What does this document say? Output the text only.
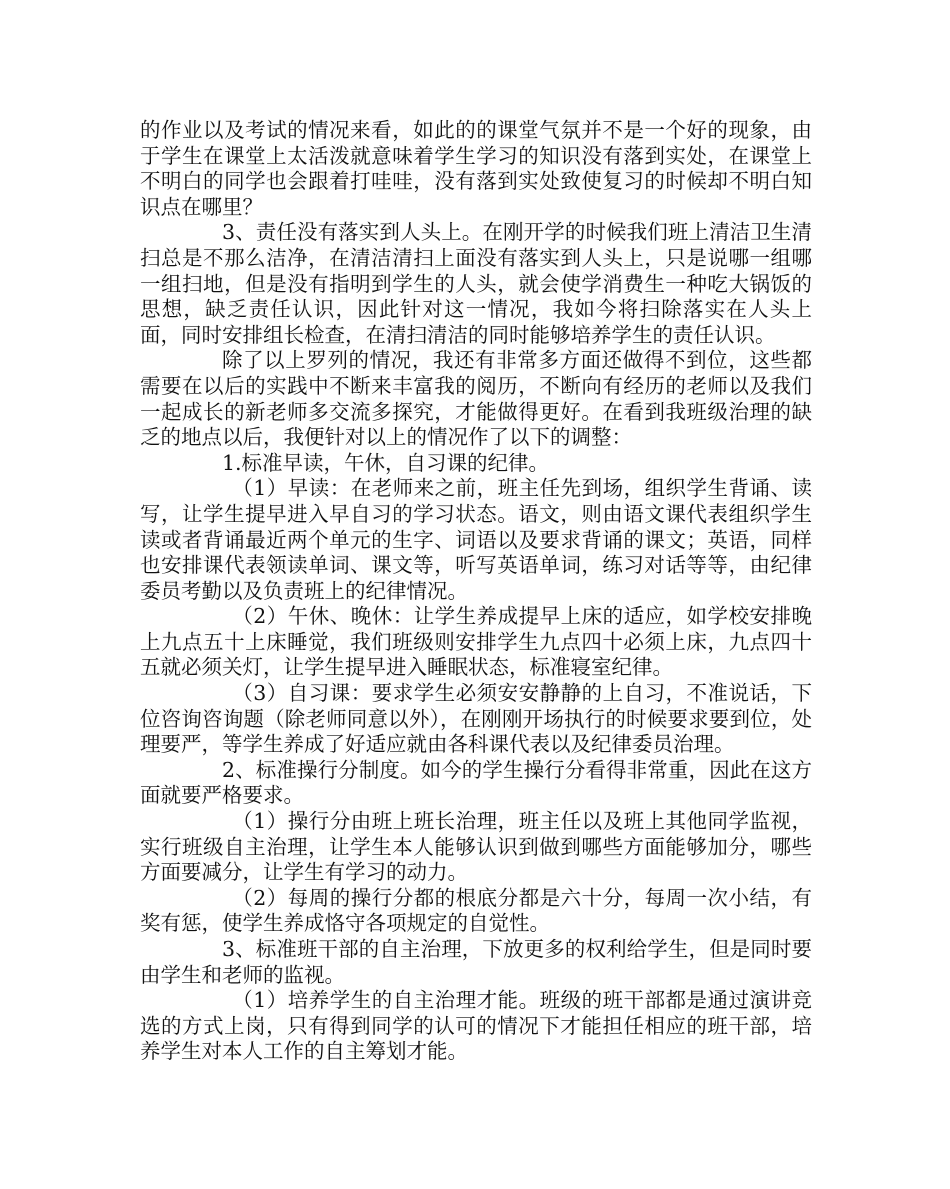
的作业以及考试的情况来看，如此的的课堂气氛并不是一个好的现象，由于学生在课堂上太活泼就意味着学生学习的知识没有落到实处，在课堂上不明白的同学也会跟着打哇哇，没有落到实处致使复习的时候却不明白知识点在哪里？

3、责任没有落实到人头上。在刚开学的时候我们班上清洁卫生清扫总是不那么洁净，在清洁清扫上面没有落实到人头上，只是说哪一组哪一组扫地，但是没有指明到学生的人头，就会使学消费生一种吃大锅饭的思想，缺乏责任认识，因此针对这一情况，我如今将扫除落实在人头上面，同时安排组长检查，在清扫清洁的同时能够培养学生的责任认识。

除了以上罗列的情况，我还有非常多方面还做得不到位，这些都需要在以后的实践中不断来丰富我的阅历，不断向有经历的老师以及我们一起成长的新老师多交流多探究，才能做得更好。在看到我班级治理的缺乏的地点以后，我便针对以上的情况作了以下的调整：

1.标准早读，午休，自习课的纪律。

（1）早读：在老师来之前，班主任先到场，组织学生背诵、读写，让学生提早进入早自习的学习状态。语文，则由语文课代表组织学生读或者背诵最近两个单元的生字、词语以及要求背诵的课文；英语，同样也安排课代表领读单词、课文等，听写英语单词，练习对话等等，由纪律委员考勤以及负责班上的纪律情况。

（2）午休、晚休：让学生养成提早上床的适应，如学校安排晚上九点五十上床睡觉，我们班级则安排学生九点四十必须上床，九点四十五就必须关灯，让学生提早进入睡眠状态，标准寝室纪律。

（3）自习课：要求学生必须安安静静的上自习，不准说话，下位咨询咨询题（除老师同意以外），在刚刚开场执行的时候要求要到位，处理要严，等学生养成了好适应就由各科课代表以及纪律委员治理。

2、标准操行分制度。如今的学生操行分看得非常重，因此在这方面就要严格要求。

（1）操行分由班上班长治理，班主任以及班上其他同学监视，实行班级自主治理，让学生本人能够认识到做到哪些方面能够加分，哪些方面要减分，让学生有学习的动力。

（2）每周的操行分都的根底分都是六十分，每周一次小结，有奖有惩，使学生养成恪守各项规定的自觉性。

3、标准班干部的自主治理，下放更多的权利给学生，但是同时要由学生和老师的监视。

（1）培养学生的自主治理才能。班级的班干部都是通过演讲竞选的方式上岗，只有得到同学的认可的情况下才能担任相应的班干部，培养学生对本人工作的自主筹划才能。
